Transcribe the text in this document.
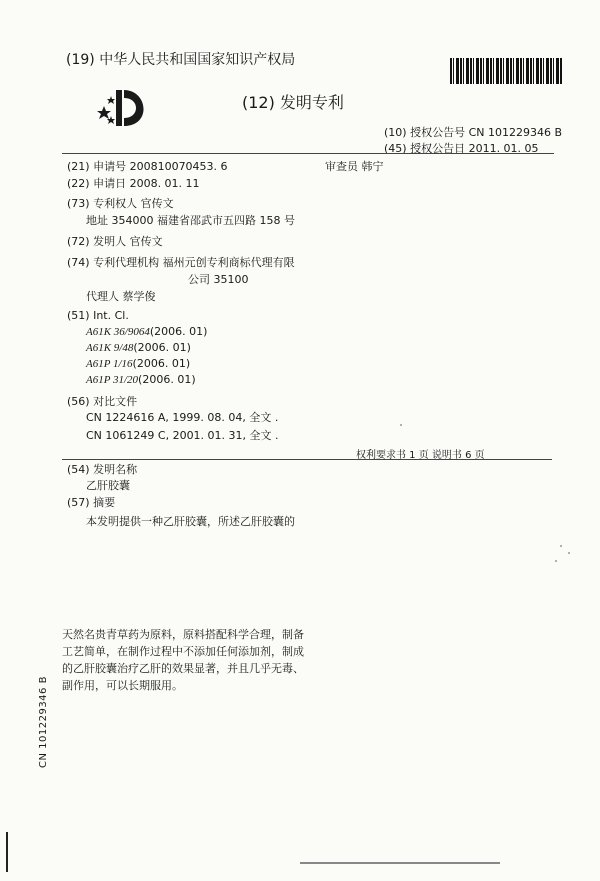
(19) 中华人民共和国国家知识产权局
(12) 发明专利
(10) 授权公告号 CN 101229346 B
(45) 授权公告日 2011. 01. 05
(21) 申请号 200810070453. 6	审查员 韩宁
(22) 申请日 2008. 01. 11
(73) 专利权人 官传文
地址 354000 福建省邵武市五四路 158 号
(72) 发明人 官传文
(74) 专利代理机构 福州元创专利商标代理有限
公司 35100
代理人 蔡学俊
(51) Int. Cl.
A61K 36/9064(2006. 01)
A61K 9/48(2006. 01)
A61P 1/16(2006. 01)
A61P 31/20(2006. 01)
(56) 对比文件
CN 1224616 A, 1999. 08. 04, 全文 .
CN 1061249 C, 2001. 01. 31, 全文 .
权利要求书 1 页 说明书 6 页
(54) 发明名称
乙肝胶囊
(57) 摘要
本发明提供一种乙肝胶囊，所述乙肝胶囊的
天然名贵青草药为原料，原料搭配科学合理，制备
工艺简单，在制作过程中不添加任何添加剂，制成
的乙肝胶囊治疗乙肝的效果显著，并且几乎无毒、
副作用，可以长期服用。
CN 101229346 B
